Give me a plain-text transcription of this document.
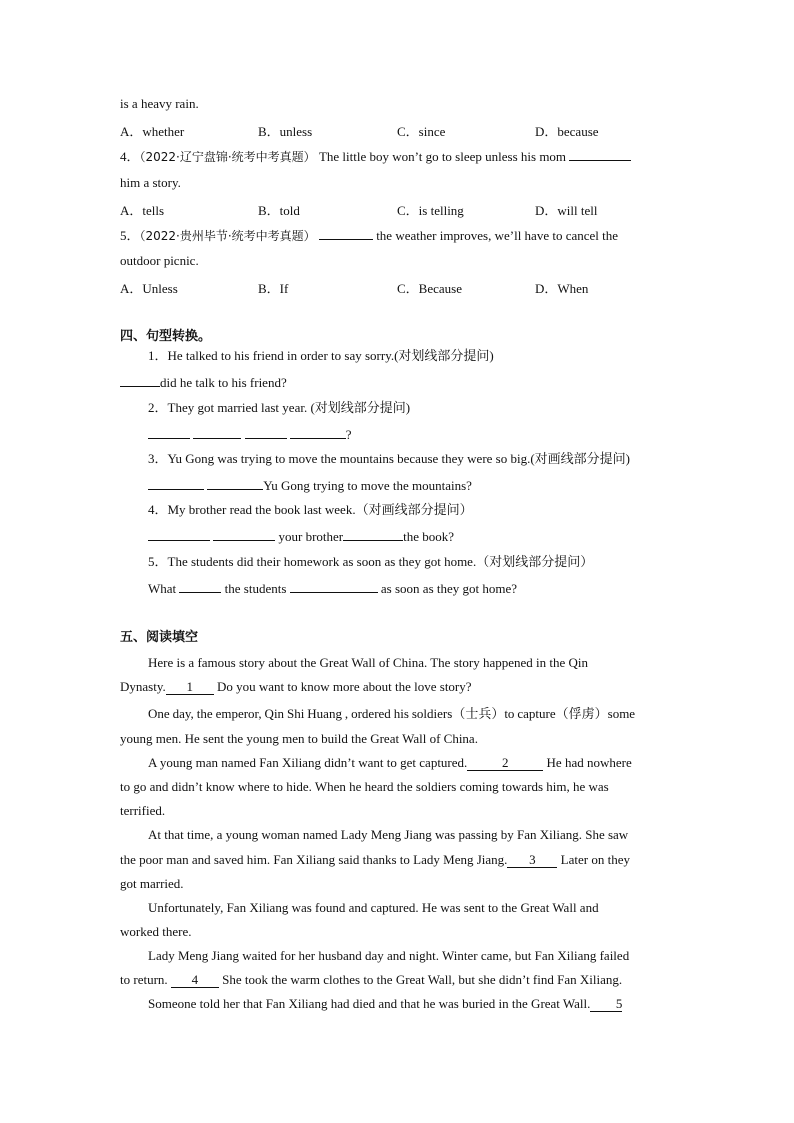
is a heavy rain.
A．whether	B．unless	C．since	D．because
4．（2022·辽宁盘锦·统考中考真题） The little boy won’t go to sleep unless his mom
him a story.
A．tells	B．told	C．is telling	D．will tell
5．（2022·贵州毕节·统考中考真题）	the weather improves, we’ll have to cancel the
outdoor picnic.
A．Unless	B．If	C．Because	D．When
四、句型转换。
1．He talked to his friend in order to say sorry.(对划线部分提问)
did he talk to his friend?
2．They got married last year. (对划线部分提问)
?
3．Yu Gong was trying to move the mountains because they were so big.(对画线部分提问)
Yu Gong trying to move the mountains?
4．My brother read the book last week.（对画线部分提问）
your brother	the book?
5．The students did their homework as soon as they got home.（对划线部分提问）
What	the students	as soon as they got home?
五、阅读填空
Here is a famous story about the Great Wall of China. The story happened in the Qin
Dynasty. 1 Do you want to know more about the love story?
One day, the emperor, Qin Shi Huang , ordered his soldiers（士兵）to capture（俘虏）some
young men. He sent the young men to build the Great Wall of China.
A young man named Fan Xiliang didn’t want to get captured.	2	He had nowhere
to go and didn’t know where to hide. When he heard the soldiers coming towards him, he was
terrified.
At that time, a young woman named Lady Meng Jiang was passing by Fan Xiliang. She saw
the poor man and saved him. Fan Xiliang said thanks to Lady Meng Jiang. 3 Later on they
got married.
Unfortunately, Fan Xiliang was found and captured. He was sent to the Great Wall and
worked there.
Lady Meng Jiang waited for her husband day and night. Winter came, but Fan Xiliang failed
to return. 4 She took the warm clothes to the Great Wall, but she didn’t find Fan Xiliang.
Someone told her that Fan Xiliang had died and that he was buried in the Great Wall. 5
